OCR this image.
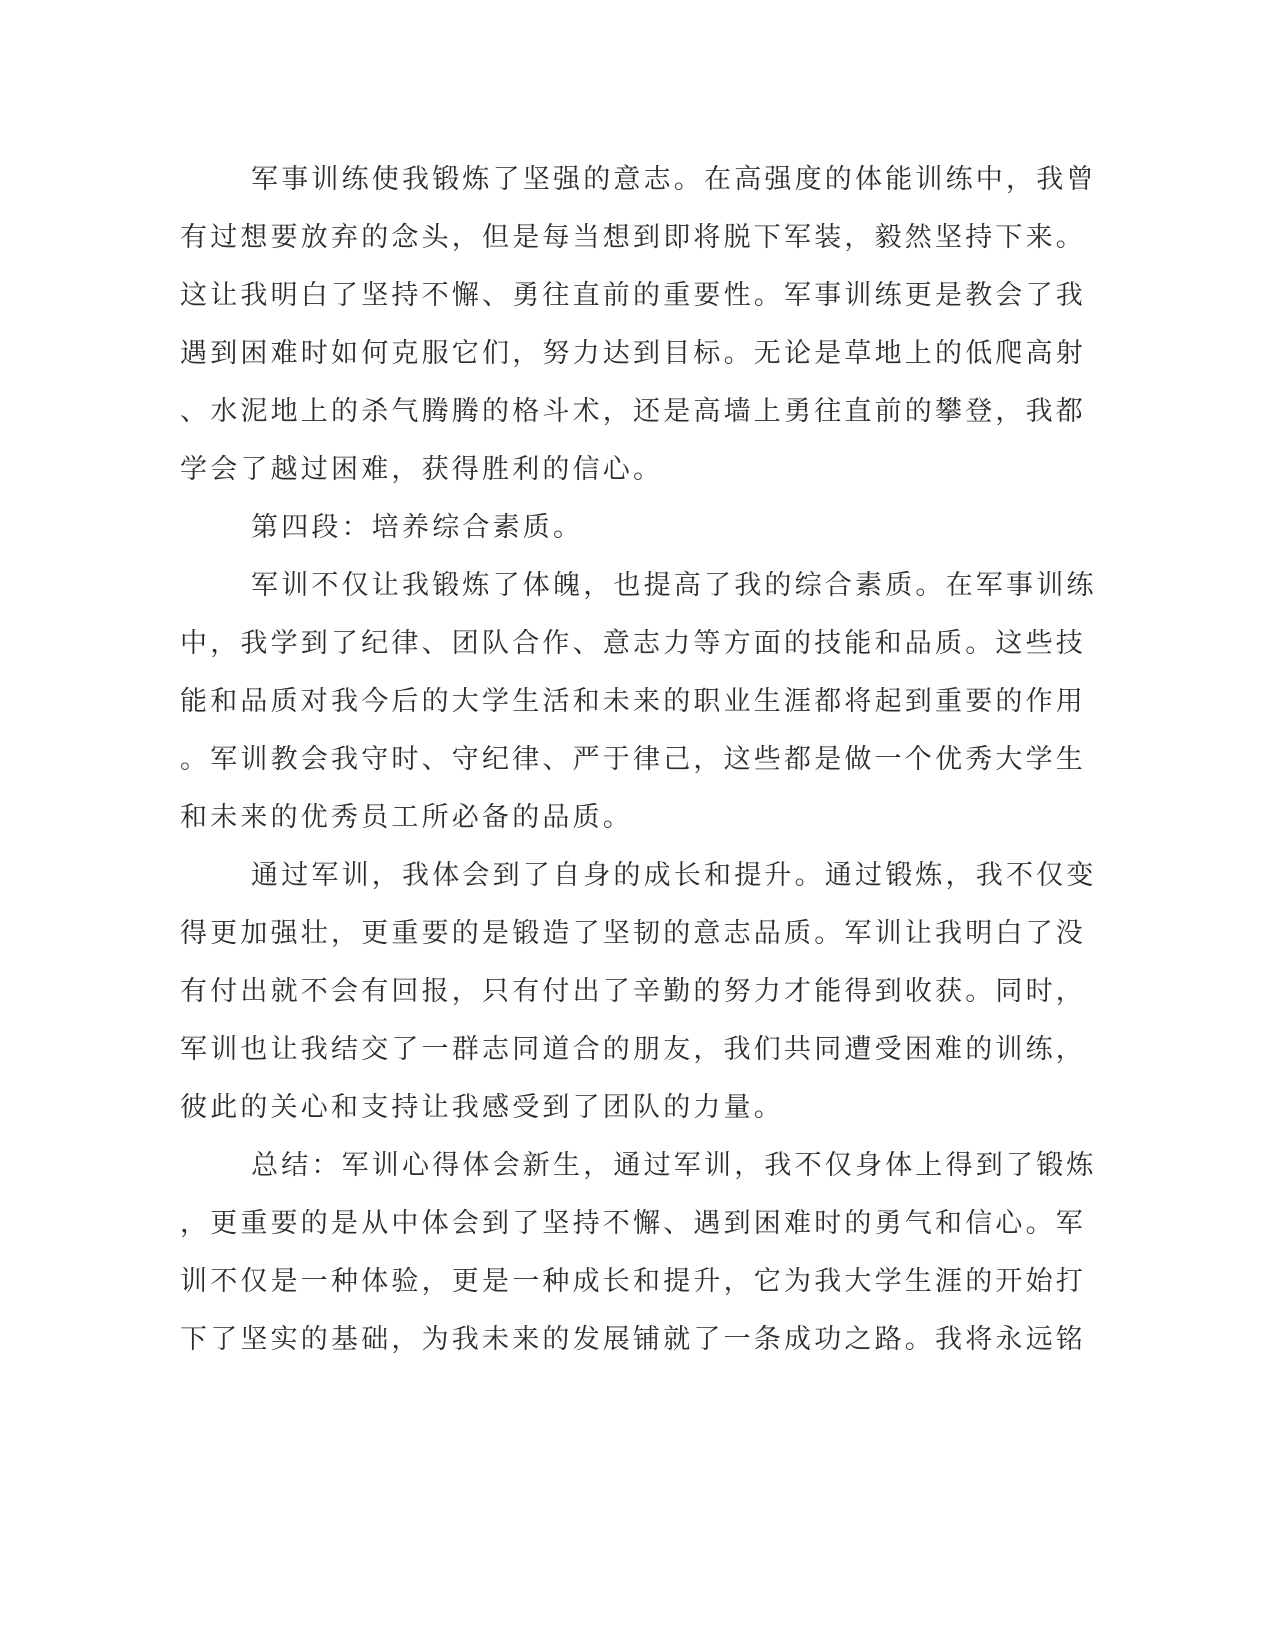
军事训练使我锻炼了坚强的意志。在高强度的体能训练中，我曾

有过想要放弃的念头，但是每当想到即将脱下军装，毅然坚持下来。

这让我明白了坚持不懈、勇往直前的重要性。军事训练更是教会了我

遇到困难时如何克服它们，努力达到目标。无论是草地上的低爬高射

、水泥地上的杀气腾腾的格斗术，还是高墙上勇往直前的攀登，我都

学会了越过困难，获得胜利的信心。

第四段：培养综合素质。

军训不仅让我锻炼了体魄，也提高了我的综合素质。在军事训练

中，我学到了纪律、团队合作、意志力等方面的技能和品质。这些技

能和品质对我今后的大学生活和未来的职业生涯都将起到重要的作用

。军训教会我守时、守纪律、严于律己，这些都是做一个优秀大学生

和未来的优秀员工所必备的品质。

通过军训，我体会到了自身的成长和提升。通过锻炼，我不仅变

得更加强壮，更重要的是锻造了坚韧的意志品质。军训让我明白了没

有付出就不会有回报，只有付出了辛勤的努力才能得到收获。同时，

军训也让我结交了一群志同道合的朋友，我们共同遭受困难的训练，

彼此的关心和支持让我感受到了团队的力量。

总结：军训心得体会新生，通过军训，我不仅身体上得到了锻炼

，更重要的是从中体会到了坚持不懈、遇到困难时的勇气和信心。军

训不仅是一种体验，更是一种成长和提升，它为我大学生涯的开始打

下了坚实的基础，为我未来的发展铺就了一条成功之路。我将永远铭
